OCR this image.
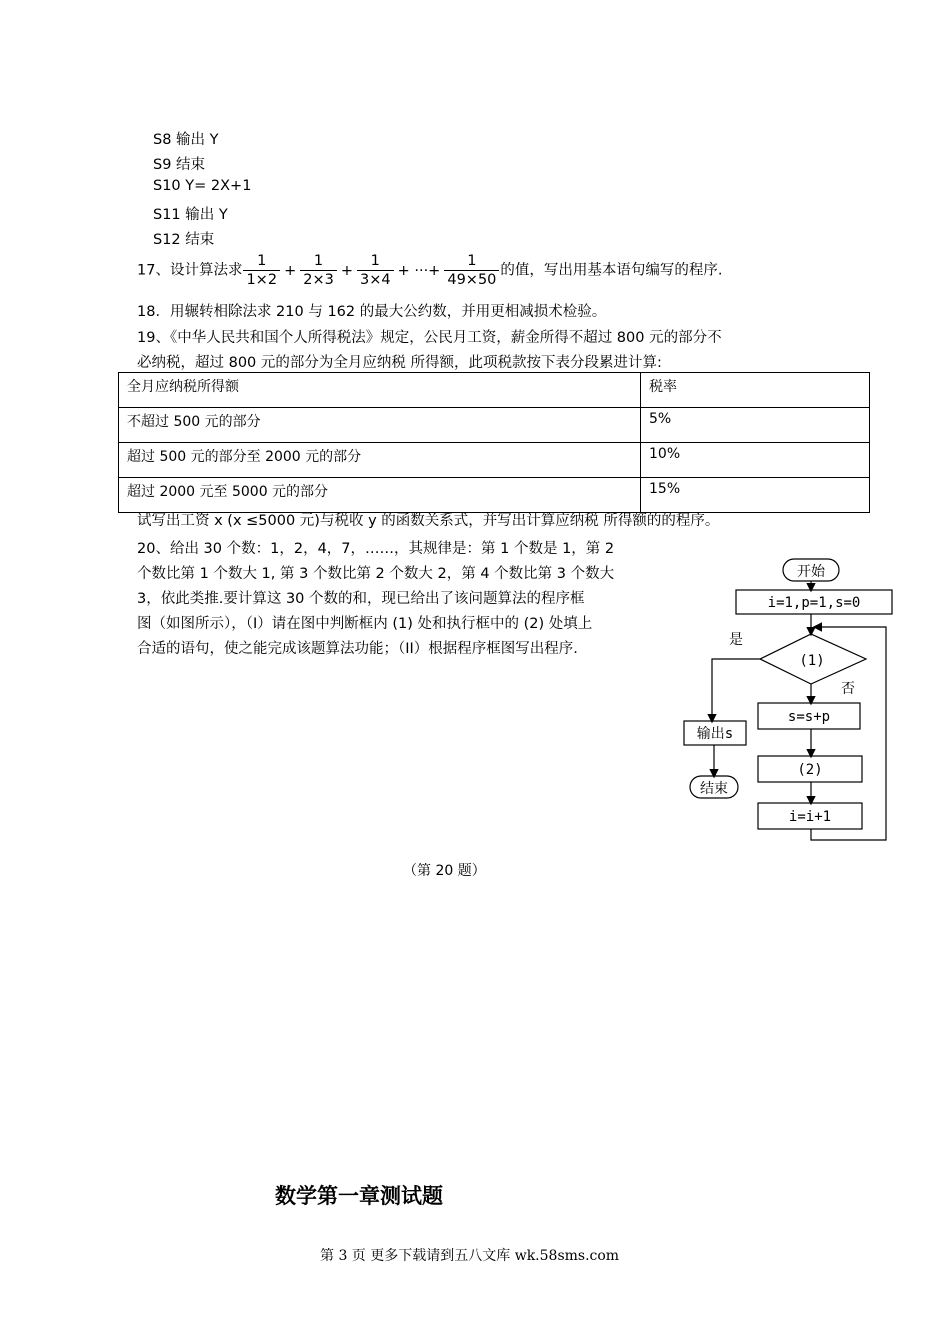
S8 输出 Y
S9 结束
S10 Y= 2X+1
S11 输出 Y
S12 结束
17、设计算法求 $\frac{1}{1\times 2} + \frac{1}{2\times 3} + \frac{1}{3\times 4}$ + ···+ $\frac{1}{49\times 50}$ 的值，写出用基本语句编写的程序.
18．用辗转相除法求 210 与 162 的最大公约数，并用更相减损术检验。
19、《中华人民共和国个人所得税法》规定，公民月工资，薪金所得不超过 800 元的部分不
必纳税，超过 800 元的部分为全月应纳税 所得额，此项税款按下表分段累进计算:
全月应纳税所得额	税率
不超过 500 元的部分	5%
超过 500 元的部分至 2000 元的部分	10%
超过 2000 元至 5000 元的部分	15%
试写出工资 x (x ≤5000 元)与税收 y 的函数关系式，并写出计算应纳税 所得额的的程序。
20、给出 30 个数：1，2，4，7，……，其规律是：第 1 个数是 1，第 2
个数比第 1 个数大 1, 第 3 个数比第 2 个数大 2，第 4 个数比第 3 个数大
3，依此类推.要计算这 30 个数的和，现已给出了该问题算法的程序框
图（如图所示），（I）请在图中判断框内 (1) 处和执行框中的 (2) 处填上
合适的语句，使之能完成该题算法功能；（II）根据程序框图写出程序.
开始
i=1,p=1,s=0
(1)
s=s+p
(2)
i=i+1
输出s
结束
是
否
（第 20 题）
数学第一章测试题
第 3 页 更多下载请到五八文库 wk.58sms.com
